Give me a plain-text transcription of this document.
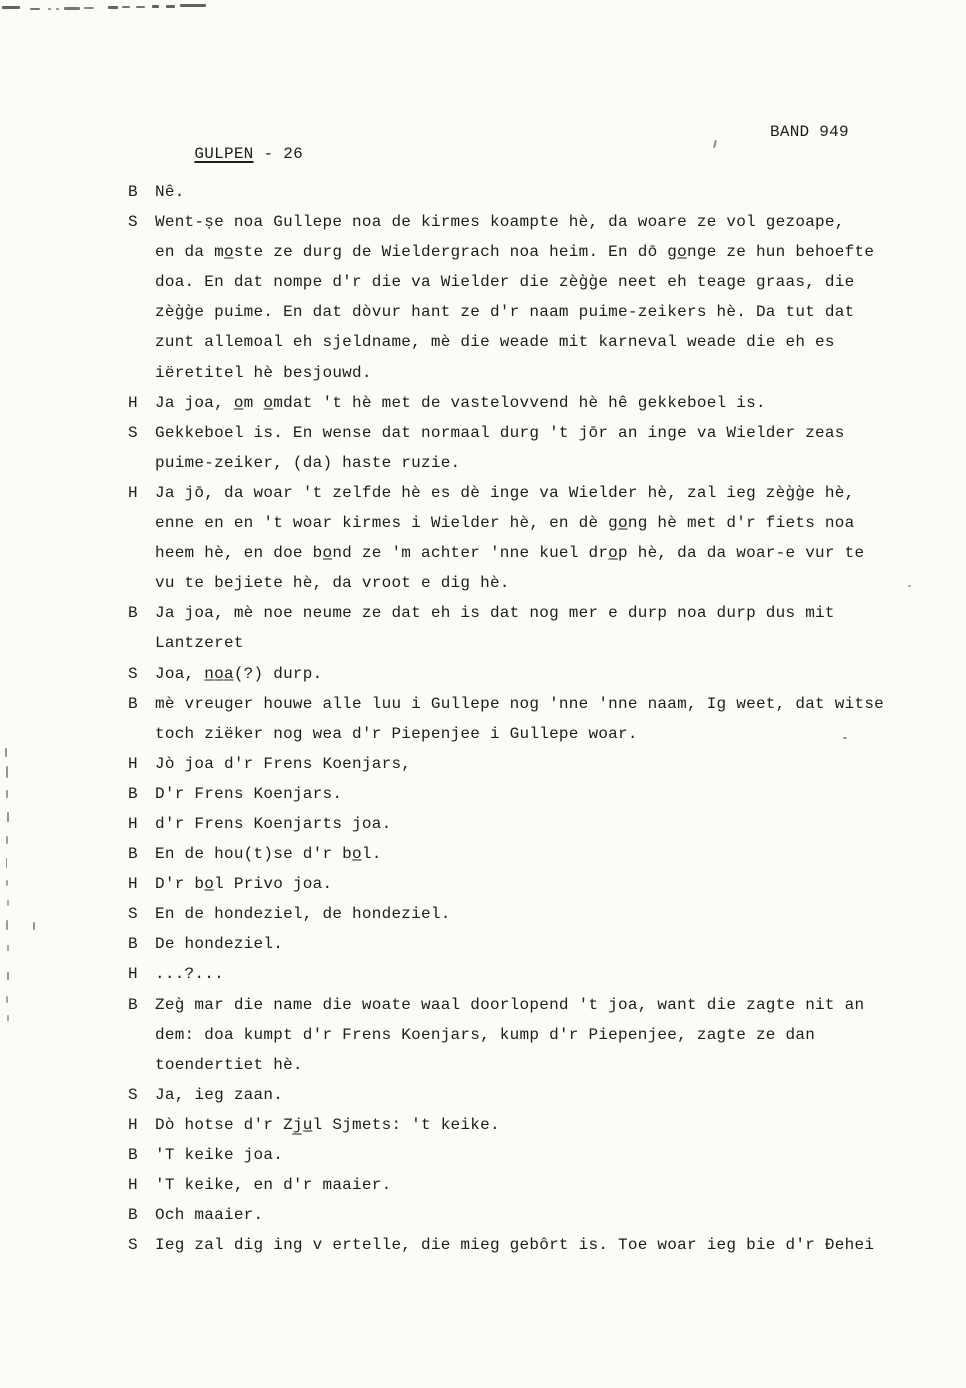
GULPEN - 26

BAND 949
B	Nê.
S	Went-ṣe noa Gullepe noa de kirmes koampte hè, da woare ze vol gezoape,
en da mo̲ste ze durg de Wieldergrach noa heim. En dō go̲nge ze hun behoefte
doa. En dat nompe d'r die va Wielder die zèg̀g̀e neet eh teage graas, die
zèg̀g̀e puime. En dat dòvur hant ze d'r naam puime-zeikers hè. Da tut dat
zunt allemoal eh sjeldname, mè die weade mit karneval weade die eh es
iëretitel hè besjouwd.
H	Ja joa, o̲m o̲mdat 't hè met de vastelovvend hè hê gekkeboel is.
S	Gekkeboel is. En wense dat normaal durg 't jōr an inge va Wielder zeas
puime-zeiker, (da) haste ruzie.
H	Ja jō, da woar 't zelfde hè es dè inge va Wielder hè, zal ieg zèg̀g̀e hè,
enne en en 't woar kirmes i Wielder hè, en dè go̲ng hè met d'r fiets noa
heem hè, en doe bo̲nd ze 'm achter 'nne kuel dro̲p hè, da da woar-e vur te
vu te bejiete hè, da vroot e dig hè.
B	Ja joa, mè noe neume ze dat eh is dat nog mer e durp noa durp dus mit
Lantzeret
S	Joa, n̲o̲a̲(?) durp.
B	mè vreuger houwe alle luu i Gullepe nog 'nne 'nne naam, Ig weet, dat witse
toch ziëker nog wea d'r Piepenjee i Gullepe woar.
H	Jò joa d'r Frens Koenjars,
B	D'r Frens Koenjars.
H	d'r Frens Koenjarts joa.
B	En de hou(t)se d'r bo̲l.
H	D'r bo̲l Privo joa.
S	En de hondeziel, de hondeziel.
B	De hondeziel.
H	...?...
B	Zeg̀ mar die name die woate waal doorlopend 't joa, want die zagte nit an
dem: doa kumpt d'r Frens Koenjars, kump d'r Piepenjee, zagte ze dan
toendertiet hè.
S	Ja, ieg zaan.
H	Dò hotse d'r Zj̲u̲l Sjmets: 't keike.
B	'T keike joa.
H	'T keike, en d'r maaier.
B	Och maaier.
S	Ieg zal dig ing v ertelle, die mieg gebôrt is. Toe woar ieg bie d'r Đehei
